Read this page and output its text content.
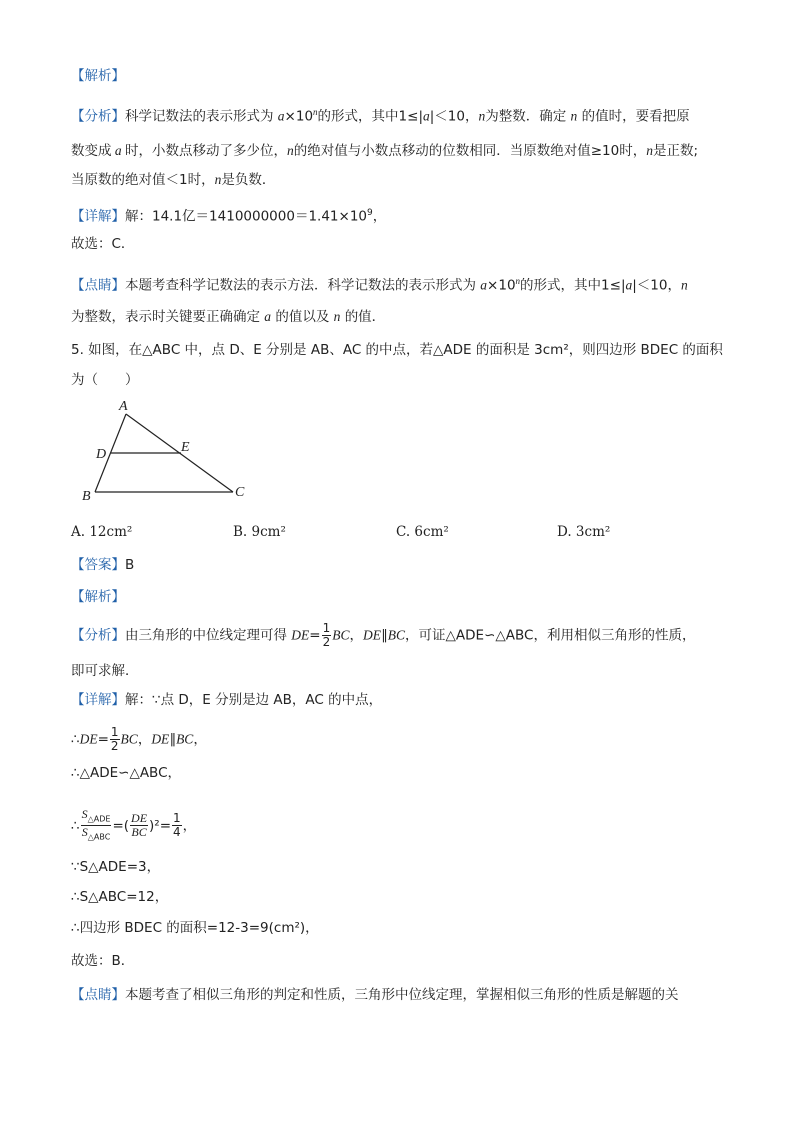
【解析】
【分析】科学记数法的表示形式为 $a\times 10^n$的形式，其中1≤|a|＜10，n为整数．确定 n 的值时，要看把原
数变成 a 时，小数点移动了多少位，n的绝对值与小数点移动的位数相同．当原数绝对值≥10时，n是正数;
当原数的绝对值＜1时，n是负数．
【详解】解：14.1亿$=1410000000=1.41\times 10^9$，
故选：C．
【点睛】本题考查科学记数法的表示方法．科学记数法的表示形式为 $a\times 10^n$的形式，其中1≤|a|＜10，n
为整数，表示时关键要正确确定 a 的值以及 n 的值．
5. 如图，在△ABC 中，点 D、E 分别是 AB、AC 的中点，若△ADE 的面积是 3cm²，则四边形 BDEC 的面积
为（　　）
A
D	E
B	C
A. 12cm²	B. 9cm²	C. 6cm²	D. 3cm²
【答案】B
【解析】
【分析】由三角形的中位线定理可得 $DE= \frac{1}{2}$ BC，DE∥BC，可证△ADE∽△ABC，利用相似三角形的性质，
即可求解．
【详解】解：∵点 D，E 分别是边 AB，AC 的中点，
∴DE= $\frac{1}{2}$ BC，DE∥BC，
∴△ADE∽△ABC，
∴ $\frac{S_{\triangle ADE}}{S_{\triangle ABC}}$ =( $\frac{DE}{BC} )^2= \frac{1}{4}$ ，
∵S△ADE=3，
∴S△ABC=12，
∴四边形 BDEC 的面积=12-3=9(cm²)，
故选：B．
【点睛】本题考查了相似三角形的判定和性质，三角形中位线定理，掌握相似三角形的性质是解题的关
